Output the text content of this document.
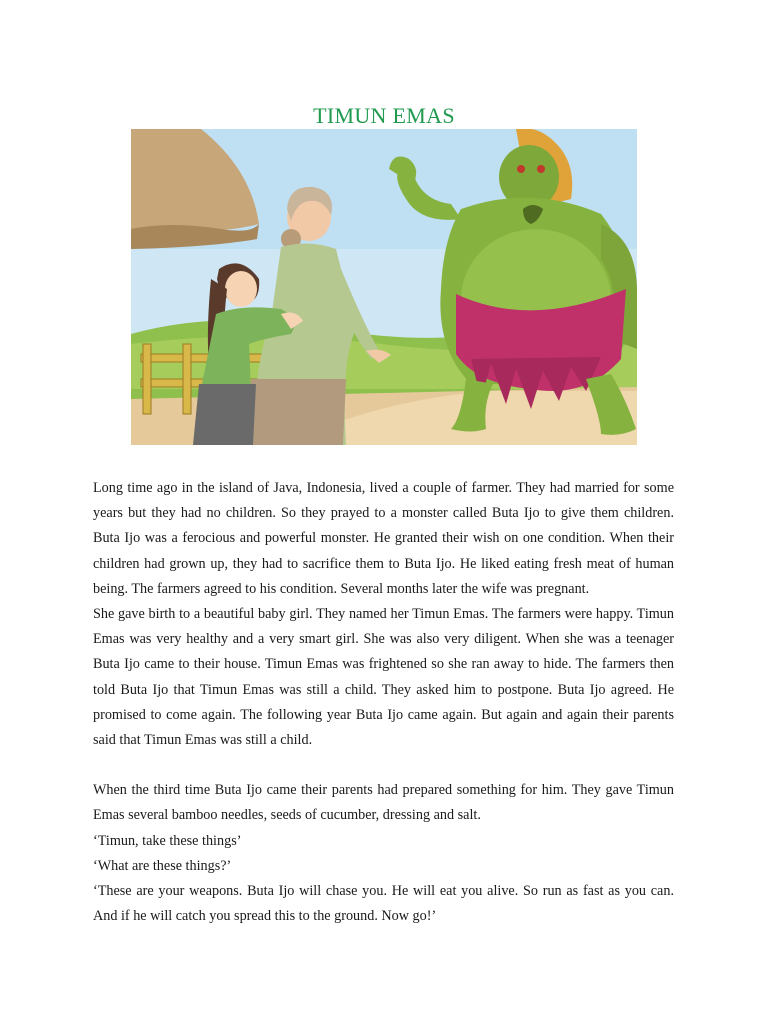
TIMUN EMAS

Long time ago in the island of Java, Indonesia, lived a couple of farmer. They had married for some years but they had no children. So they prayed to a monster called Buta Ijo to give them children. Buta Ijo was a ferocious and powerful monster. He granted their wish on one condition. When their children had grown up, they had to sacrifice them to Buta Ijo. He liked eating fresh meat of human being. The farmers agreed to his condition. Several months later the wife was pregnant.

She gave birth to a beautiful baby girl. They named her Timun Emas. The farmers were happy. Timun Emas was very healthy and a very smart girl. She was also very diligent. When she was a teenager Buta Ijo came to their house. Timun Emas was frightened so she ran away to hide. The farmers then told Buta Ijo that Timun Emas was still a child. They asked him to postpone. Buta Ijo agreed. He promised to come again. The following year Buta Ijo came again. But again and again their parents said that Timun Emas was still a child.

When the third time Buta Ijo came their parents had prepared something for him. They gave Timun Emas several bamboo needles, seeds of cucumber, dressing and salt.

‘Timun, take these things’

‘What are these things?’

‘These are your weapons. Buta Ijo will chase you. He will eat you alive. So run as fast as you can. And if he will catch you spread this to the ground. Now go!’
